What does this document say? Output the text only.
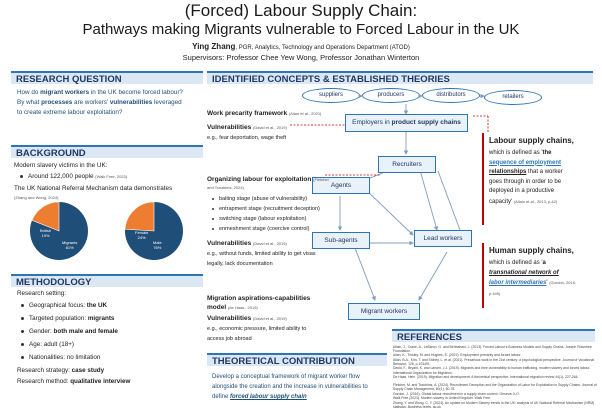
(Forced) Labour Supply Chain:
Pathways making Migrants vulnerable to Forced Labour in the UK
Ying Zhang, PGR, Analytics, Technology and Operations Department (ATOD)
Supervisors: Professor Chee Yew Wong, Professor Jonathan Winterton
RESEARCH QUESTION
How do migrant workers in the UK become forced labour?
By what processes are workers' vulnerabilities leveraged
to create extreme labour exploitation?
BACKGROUND
Modern slavery victims in the UK:
Around 122,000 people (Walk Free, 2023)
The UK National Referral Mechanism data demonstrates
(Zhang and Wong, 2024)
British
19%
Migrants
81%
Female
24%
Male
76%
METHODOLOGY
Research setting:
Geographical focus: the UK
Targeted population: migrants
Gender: both male and female
Age: adult (18+)
Nationalities: no limitation
Research strategy: case study
Research method: qualitative interview
IDENTIFIED CONCEPTS & ESTABLISHED THEORIES
suppliers	producers	distributors	retailers
Employers in product supply chains
Recruiters
Agents
Lead workers
Sub-agents
Migrant workers
Work precarity framework (Allan et al., 2021)
Vulnerabilities (David et al., 2019)
e.g., fear deportation, wage theft
Organizing labour for exploitation (Fletcher
and Trautrims, 2024)
baiting stage (abuse of vulnerability)
entrapment stage (recruitment deception)
switching stage (labour exploitation)
enmeshment stage (coercive control)
Vulnerabilities (David et al., 2019)
e.g., without funds, limited ability to get visas
legally, lack documentation
Migration aspirations-capabilities
model (de Haas., 2019)
Vulnerabilities (David et al., 2019)
e.g., economic pressure, limited ability to
access job abroad
Labour supply chains,
which is defined as 'the
sequence of employment
relationships that a worker
goes through in order to be
deployed in a productive
capacity' (Allain et al., 2013, p.42)
Human supply chains,
which is defined as 'a
transnational network of
labor intermediaries' (Gordon, 2016,
p.445)
THEORETICAL CONTRIBUTION
Develop a conceptual framework of migrant worker flow
alongside the creation and the increase in vulnerabilities to
define forced labour supply chain
REFERENCES
Allain, J., Crane, A., LeBaron, G. and Behbahani, L. (2013). Forced Labour's Business Models and Supply Chains. Joseph Rowntree Foundation.
Allan, K., Tinsley, M. and Hughes, E. (2021). Employment precarity and forced labour.
Allan, B.A., Kim, T. and Shirley, L. et al. (2021). Precarious work in the 21st century: a psychological perspective. Journal of Vocational Behavior, 126, p.103491.
David, F., Bryant, K. and Larsen, J.J. (2019). Migrants and their vulnerability to human trafficking, modern slavery and forced labour. International Organization for Migration.
De Haas, Hein. (2019). Migration and development: A theoretical perspective. International migration review 44(1), 227-264.
Fletcher, M. and Trautrims, A. (2024). Recruitment Deception and the Organization of Labor for Exploitation in Supply Chains. Journal of Supply Chain Management, 60(1), 60-78.
Gordon, J. (2016). Global labour recruitment in a supply chain context. Geneva: ILO.
Walk Free (2023). Modern slavery in United Kingdom. Walk Free.
Zhang, Y. and Wong, C. Y. (2024). An update on Modern Slavery trends in the UK: analysis of UK National Referral Mechanism (NRM) statistics. Business briefs. ac.uk
